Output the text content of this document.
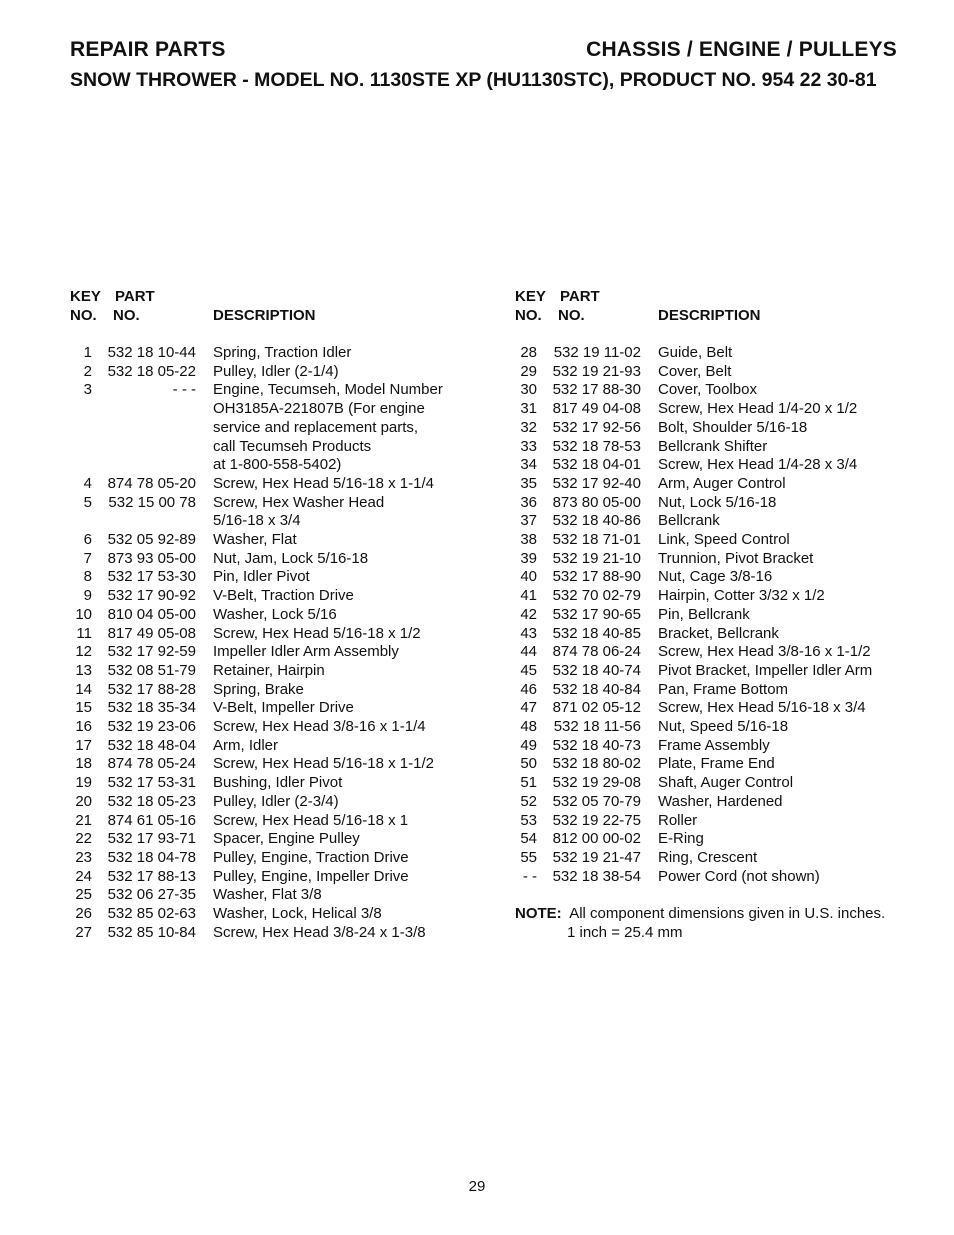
REPAIR PARTS	CHASSIS / ENGINE / PULLEYS
SNOW THROWER - MODEL NO. 1130STE XP (HU1130STC), PRODUCT NO. 954 22 30-81
KEY PART
NO. NO.	DESCRIPTION
1	532 18 10-44	Spring, Traction Idler
2	532 18 05-22	Pulley, Idler (2-1/4)
3	- - -	Engine, Tecumseh, Model Number
OH3185A-221807B (For engine
service and replacement parts,
call Tecumseh Products
at 1-800-558-5402)
4	874 78 05-20	Screw, Hex Head 5/16-18 x 1-1/4
5	532 15 00 78	Screw, Hex Washer Head
5/16-18 x 3/4
6	532 05 92-89	Washer, Flat
7	873 93 05-00	Nut, Jam, Lock 5/16-18
8	532 17 53-30	Pin, Idler Pivot
9	532 17 90-92	V-Belt, Traction Drive
10	810 04 05-00	Washer, Lock 5/16
11	817 49 05-08	Screw, Hex Head 5/16-18 x 1/2
12	532 17 92-59	Impeller Idler Arm Assembly
13	532 08 51-79	Retainer, Hairpin
14	532 17 88-28	Spring, Brake
15	532 18 35-34	V-Belt, Impeller Drive
16	532 19 23-06	Screw, Hex Head 3/8-16 x 1-1/4
17	532 18 48-04	Arm, Idler
18	874 78 05-24	Screw, Hex Head 5/16-18 x 1-1/2
19	532 17 53-31	Bushing, Idler Pivot
20	532 18 05-23	Pulley, Idler (2-3/4)
21	874 61 05-16	Screw, Hex Head 5/16-18 x 1
22	532 17 93-71	Spacer, Engine Pulley
23	532 18 04-78	Pulley, Engine, Traction Drive
24	532 17 88-13	Pulley, Engine, Impeller Drive
25	532 06 27-35	Washer, Flat 3/8
26	532 85 02-63	Washer, Lock, Helical 3/8
27	532 85 10-84	Screw, Hex Head 3/8-24 x 1-3/8
KEY PART
NO. NO.	DESCRIPTION
28	532 19 11-02	Guide, Belt
29	532 19 21-93	Cover, Belt
30	532 17 88-30	Cover, Toolbox
31	817 49 04-08	Screw, Hex Head 1/4-20 x 1/2
32	532 17 92-56	Bolt, Shoulder 5/16-18
33	532 18 78-53	Bellcrank Shifter
34	532 18 04-01	Screw, Hex Head 1/4-28 x 3/4
35	532 17 92-40	Arm, Auger Control
36	873 80 05-00	Nut, Lock 5/16-18
37	532 18 40-86	Bellcrank
38	532 18 71-01	Link, Speed Control
39	532 19 21-10	Trunnion, Pivot Bracket
40	532 17 88-90	Nut, Cage 3/8-16
41	532 70 02-79	Hairpin, Cotter 3/32 x 1/2
42	532 17 90-65	Pin, Bellcrank
43	532 18 40-85	Bracket, Bellcrank
44	874 78 06-24	Screw, Hex Head 3/8-16 x 1-1/2
45	532 18 40-74	Pivot Bracket, Impeller Idler Arm
46	532 18 40-84	Pan, Frame Bottom
47	871 02 05-12	Screw, Hex Head 5/16-18 x 3/4
48	532 18 11-56	Nut, Speed 5/16-18
49	532 18 40-73	Frame Assembly
50	532 18 80-02	Plate, Frame End
51	532 19 29-08	Shaft, Auger Control
52	532 05 70-79	Washer, Hardened
53	532 19 22-75	Roller
54	812 00 00-02	E-Ring
55	532 19 21-47	Ring, Crescent
- -	532 18 38-54	Power Cord (not shown)
NOTE: All component dimensions given in U.S. inches.
1 inch = 25.4 mm
29
